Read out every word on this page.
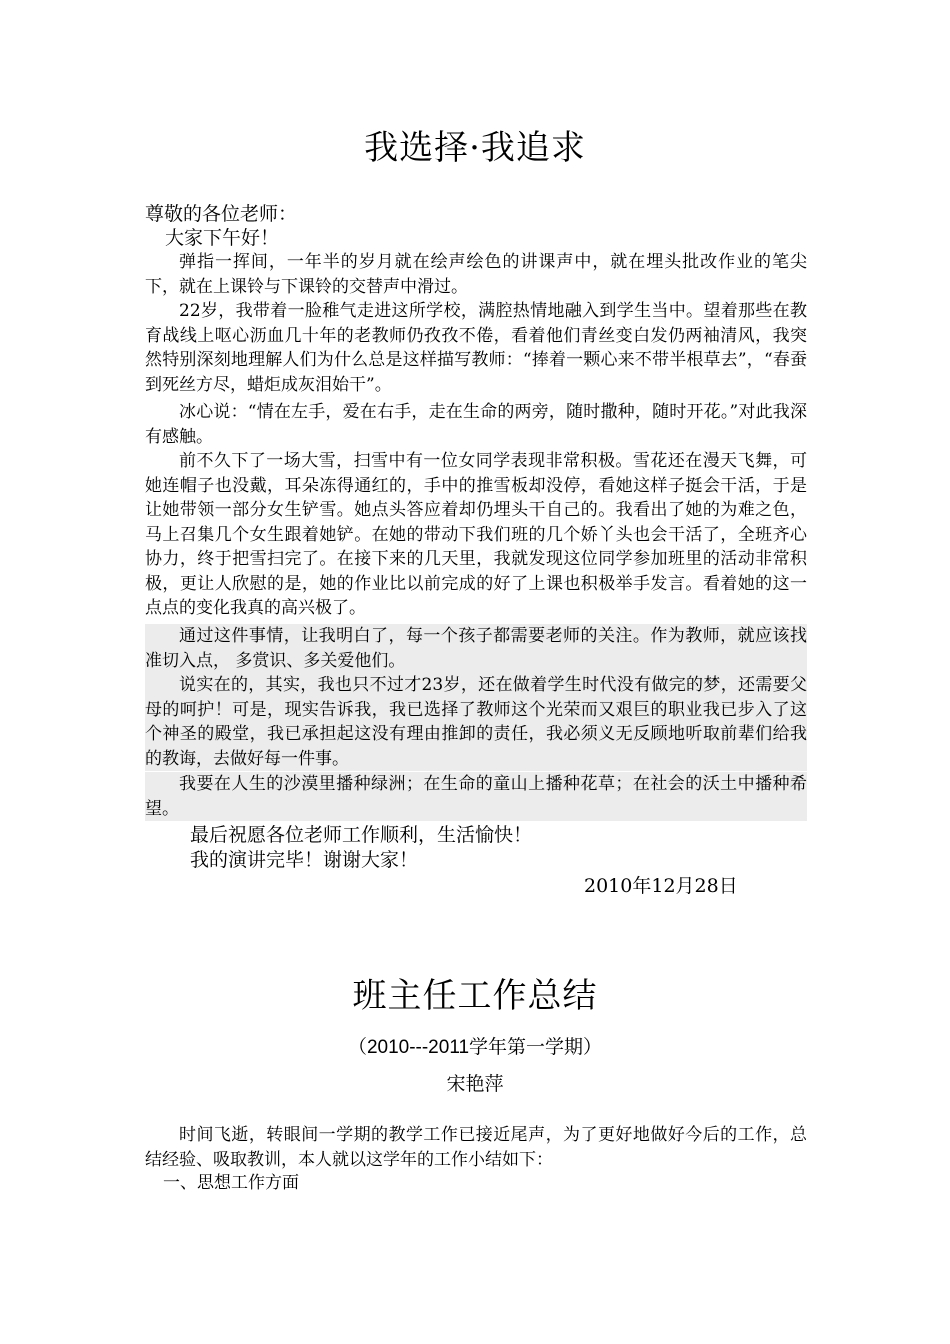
我选择·我追求
尊敬的各位老师：
大家下午好！
弹指一挥间，一年半的岁月就在绘声绘色的讲课声中，就在埋头批改作业的笔尖下，就在上课铃与下课铃的交替声中滑过。
22岁，我带着一脸稚气走进这所学校，满腔热情地融入到学生当中。望着那些在教育战线上呕心沥血几十年的老教师仍孜孜不倦，看着他们青丝变白发仍两袖清风，我突然特别深刻地理解人们为什么总是这样描写教师：“捧着一颗心来不带半根草去”，“春蚕到死丝方尽，蜡炬成灰泪始干”。
冰心说：“情在左手，爱在右手，走在生命的两旁，随时撒种，随时开花。”对此我深有感触。
前不久下了一场大雪，扫雪中有一位女同学表现非常积极。雪花还在漫天飞舞，可她连帽子也没戴，耳朵冻得通红的，手中的推雪板却没停，看她这样子挺会干活，于是让她带领一部分女生铲雪。她点头答应着却仍埋头干自己的。我看出了她的为难之色，马上召集几个女生跟着她铲。在她的带动下我们班的几个娇丫头也会干活了，全班齐心协力，终于把雪扫完了。在接下来的几天里，我就发现这位同学参加班里的活动非常积极，更让人欣慰的是，她的作业比以前完成的好了上课也积极举手发言。看着她的这一点点的变化我真的高兴极了。
通过这件事情，让我明白了，每一个孩子都需要老师的关注。作为教师，就应该找准切入点， 多赏识、多关爱他们。
说实在的，其实，我也只不过才23岁，还在做着学生时代没有做完的梦，还需要父母的呵护！可是，现实告诉我，我已选择了教师这个光荣而又艰巨的职业我已步入了这个神圣的殿堂，我已承担起这没有理由推卸的责任，我必须义无反顾地听取前辈们给我的教诲，去做好每一件事。
我要在人生的沙漠里播种绿洲；在生命的童山上播种花草；在社会的沃土中播种希望。
最后祝愿各位老师工作顺利，生活愉快！
我的演讲完毕！谢谢大家！
2010年12月28日
班主任工作总结
（2010---2011学年第一学期）
宋艳萍
时间飞逝，转眼间一学期的教学工作已接近尾声，为了更好地做好今后的工作，总结经验、吸取教训，本人就以这学年的工作小结如下：
一、思想工作方面
